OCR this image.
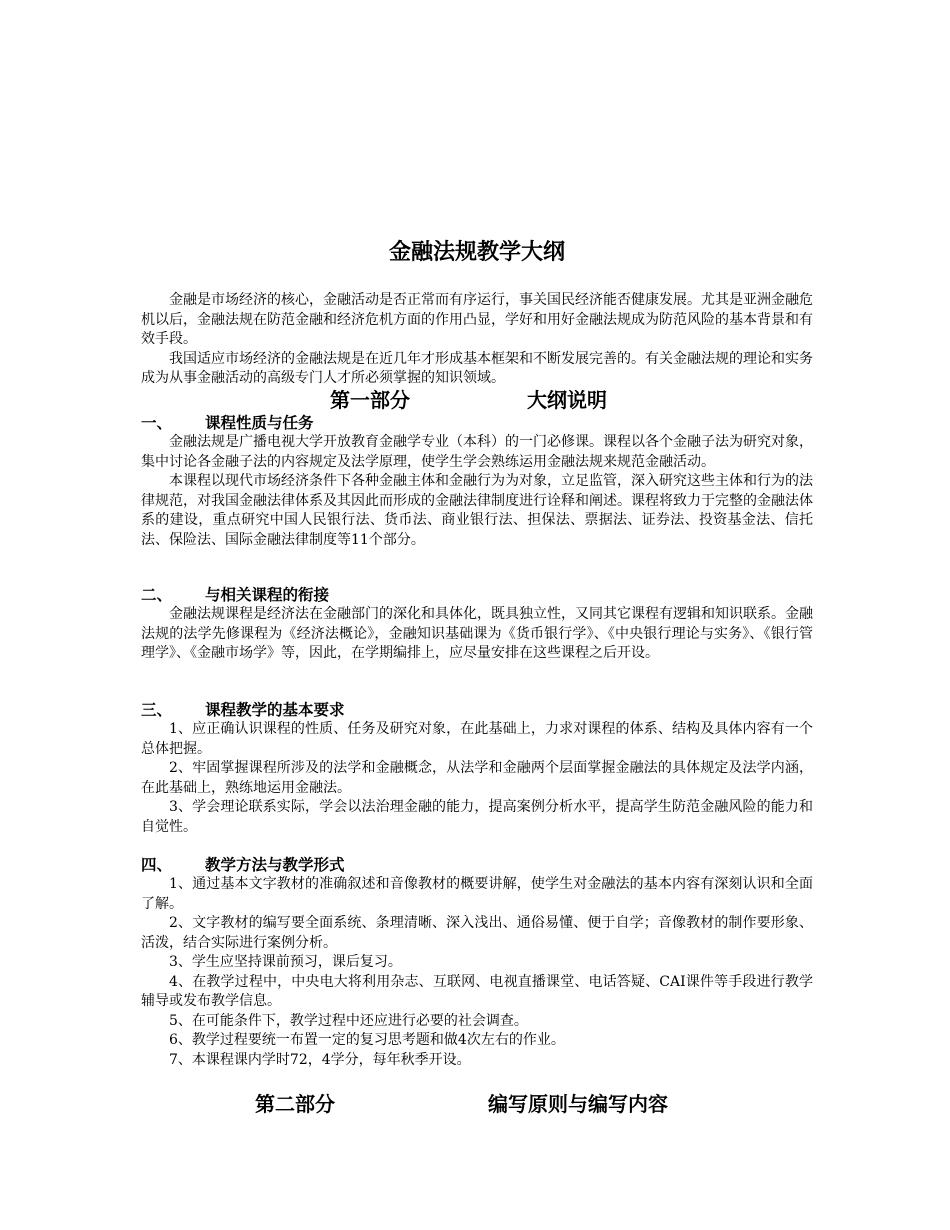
金融法规教学大纲

金融是市场经济的核心，金融活动是否正常而有序运行，事关国民经济能否健康发展。尤其是亚洲金融危机以后，金融法规在防范金融和经济危机方面的作用凸显，学好和用好金融法规成为防范风险的基本背景和有效手段。

我国适应市场经济的金融法规是在近几年才形成基本框架和不断发展完善的。有关金融法规的理论和实务成为从事金融活动的高级专门人才所必须掌握的知识领域。

第一部分	大纲说明
一、 课程性质与任务

金融法规是广播电视大学开放教育金融学专业（本科）的一门必修课。课程以各个金融子法为研究对象，集中讨论各金融子法的内容规定及法学原理，使学生学会熟练运用金融法规来规范金融活动。

本课程以现代市场经济条件下各种金融主体和金融行为为对象，立足监管，深入研究这些主体和行为的法律规范，对我国金融法律体系及其因此而形成的金融法律制度进行诠释和阐述。课程将致力于完整的金融法体系的建设，重点研究中国人民银行法、货币法、商业银行法、担保法、票据法、证券法、投资基金法、信托法、保险法、国际金融法律制度等11个部分。

二、 与相关课程的衔接

金融法规课程是经济法在金融部门的深化和具体化，既具独立性，又同其它课程有逻辑和知识联系。金融法规的法学先修课程为《经济法概论》，金融知识基础课为《货币银行学》、《中央银行理论与实务》、《银行管理学》、《金融市场学》等，因此，在学期编排上，应尽量安排在这些课程之后开设。

三、 课程教学的基本要求

1、应正确认识课程的性质、任务及研究对象，在此基础上，力求对课程的体系、结构及具体内容有一个总体把握。

2、牢固掌握课程所涉及的法学和金融概念，从法学和金融两个层面掌握金融法的具体规定及法学内涵，在此基础上，熟练地运用金融法。

3、学会理论联系实际，学会以法治理金融的能力，提高案例分析水平，提高学生防范金融风险的能力和自觉性。

四、 教学方法与教学形式

1、通过基本文字教材的准确叙述和音像教材的概要讲解，使学生对金融法的基本内容有深刻认识和全面了解。

2、文字教材的编写要全面系统、条理清晰、深入浅出、通俗易懂、便于自学；音像教材的制作要形象、活泼，结合实际进行案例分析。

3、学生应坚持课前预习，课后复习。

4、在教学过程中，中央电大将利用杂志、互联网、电视直播课堂、电话答疑、CAI课件等手段进行教学辅导或发布教学信息。

5、在可能条件下，教学过程中还应进行必要的社会调查。

6、教学过程要统一布置一定的复习思考题和做4次左右的作业。

7、本课程课内学时72，4学分，每年秋季开设。

第二部分	编写原则与编写内容
